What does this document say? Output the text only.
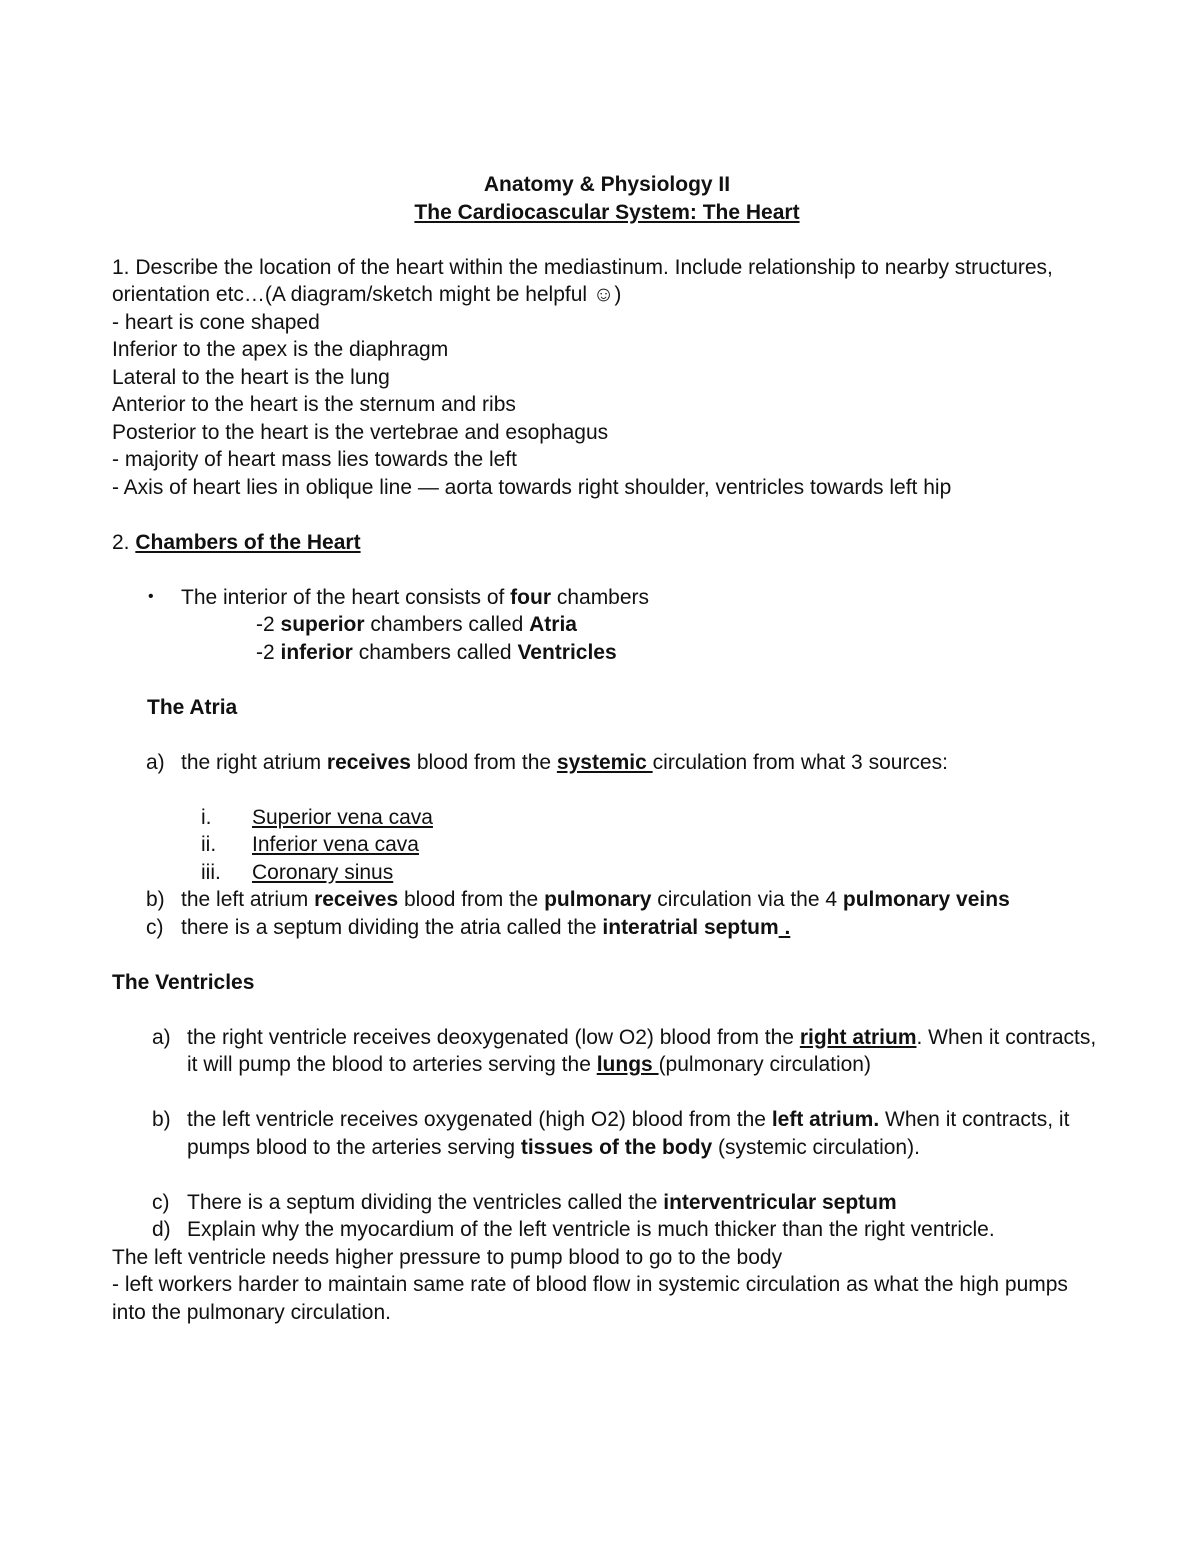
Anatomy & Physiology II

The Cardiocascular System: The Heart

1. Describe the location of the heart within the mediastinum. Include relationship to nearby structures, orientation etc…(A diagram/sketch might be helpful ☺)

- heart is cone shaped

Inferior to the apex is the diaphragm

Lateral to the heart is the lung

Anterior to the heart is the sternum and ribs

Posterior to the heart is the vertebrae and esophagus

- majority of heart mass lies towards the left

- Axis of heart lies in oblique line — aorta towards right shoulder, ventricles towards left hip

2. Chambers of the Heart

• The interior of the heart consists of four chambers

-2 superior chambers called Atria

-2 inferior chambers called Ventricles

The Atria

a) the right atrium receives blood from the systemic circulation from what 3 sources:

i. Superior vena cava

ii. Inferior vena cava

iii. Coronary sinus

b) the left atrium receives blood from the pulmonary circulation via the 4 pulmonary veins

c) there is a septum dividing the atria called the interatrial septum .

The Ventricles

a) the right ventricle receives deoxygenated (low O2) blood from the right atrium. When it contracts, it will pump the blood to arteries serving the lungs (pulmonary circulation)

b) the left ventricle receives oxygenated (high O2) blood from the left atrium. When it contracts, it pumps blood to the arteries serving tissues of the body (systemic circulation).

c) There is a septum dividing the ventricles called the interventricular septum

d) Explain why the myocardium of the left ventricle is much thicker than the right ventricle.

The left ventricle needs higher pressure to pump blood to go to the body

- left workers harder to maintain same rate of blood flow in systemic circulation as what the high pumps into the pulmonary circulation.
